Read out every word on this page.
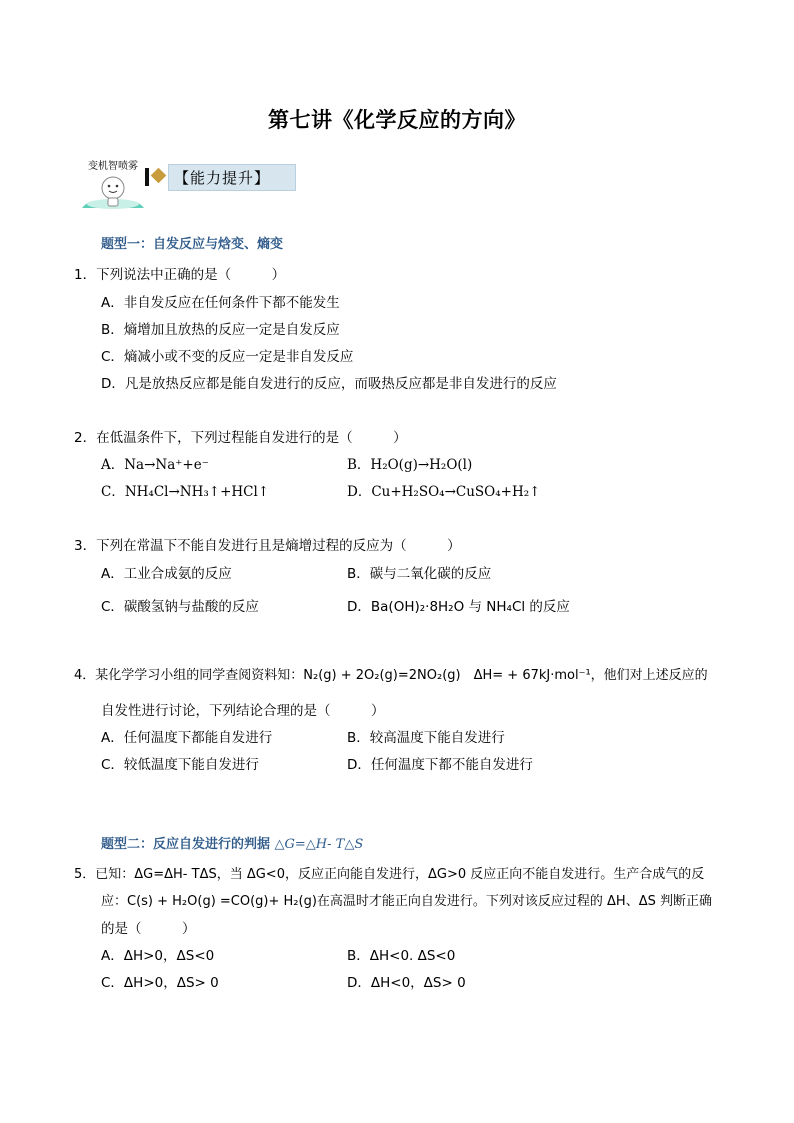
第七讲《化学反应的方向》
变机智喷雾
【能力提升】
题型一：自发反应与焓变、熵变
1．下列说法中正确的是（　　　）
A．非自发反应在任何条件下都不能发生
B．熵增加且放热的反应一定是自发反应
C．熵减小或不变的反应一定是非自发反应
D．凡是放热反应都是能自发进行的反应，而吸热反应都是非自发进行的反应
2．在低温条件下，下列过程能自发进行的是（　　　）
A．Na→Na⁺+e⁻	B．H₂O(g)→H₂O(l)
C．NH₄Cl→NH₃↑+HCl↑	D．Cu+H₂SO₄→CuSO₄+H₂↑
3．下列在常温下不能自发进行且是熵增过程的反应为（　　　）
A．工业合成氨的反应	B．碳与二氧化碳的反应
C．碳酸氢钠与盐酸的反应	D．Ba(OH)₂·8H₂O 与 NH₄Cl 的反应
4．某化学学习小组的同学查阅资料知：N₂(g) + 2O₂(g)=2NO₂(g)　ΔH= + 67kJ·mol⁻¹，他们对上述反应的
自发性进行讨论，下列结论合理的是（　　　）
A．任何温度下都能自发进行	B．较高温度下能自发进行
C．较低温度下能自发进行	D．任何温度下都不能自发进行
题型二：反应自发进行的判据 △G=△H- T△S
5．已知：ΔG=ΔH- TΔS，当 ΔG<0，反应正向能自发进行，ΔG>0 反应正向不能自发进行。生产合成气的反
应：C(s) + H₂O(g) =CO(g)+ H₂(g)在高温时才能正向自发进行。下列对该反应过程的 ΔH、ΔS 判断正确
的是（　　　）
A．ΔH>0，ΔS<0	B．ΔH<0. ΔS<0
C．ΔH>0，ΔS> 0	D．ΔH<0，ΔS> 0
